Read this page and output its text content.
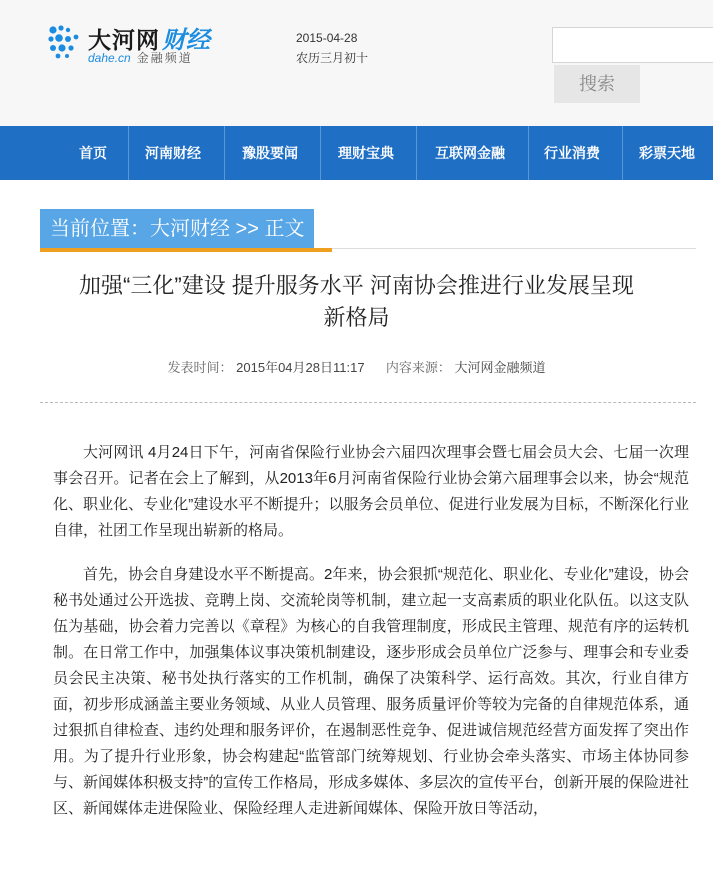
大河网财经
dahe.cn 金融频道
2015-04-28
农历三月初十
搜索
首页	河南财经	豫股要闻	理财宝典	互联网金融	行业消费	彩票天地
当前位置：大河财经 >> 正文
加强“三化”建设 提升服务水平 河南协会推进行业发展呈现
新格局
发表时间： 2015年04月28日11:17 内容来源： 大河网金融频道

大河网讯 4月24日下午，河南省保险行业协会六届四次理事会暨七届会员大会、七届一次理事会召开。记者在会上了解到，从2013年6月河南省保险行业协会第六届理事会以来，协会“规范化、职业化、专业化”建设水平不断提升；以服务会员单位、促进行业发展为目标，不断深化行业自律，社团工作呈现出崭新的格局。

首先，协会自身建设水平不断提高。2年来，协会狠抓“规范化、职业化、专业化”建设，协会秘书处通过公开选拔、竞聘上岗、交流轮岗等机制，建立起一支高素质的职业化队伍。以这支队伍为基础，协会着力完善以《章程》为核心的自我管理制度，形成民主管理、规范有序的运转机制。在日常工作中，加强集体议事决策机制建设，逐步形成会员单位广泛参与、理事会和专业委员会民主决策、秘书处执行落实的工作机制，确保了决策科学、运行高效。其次，行业自律方面，初步形成涵盖主要业务领域、从业人员管理、服务质量评价等较为完备的自律规范体系，通过狠抓自律检查、违约处理和服务评价，在遏制恶性竞争、促进诚信规范经营方面发挥了突出作用。为了提升行业形象，协会构建起“监管部门统筹规划、行业协会牵头落实、市场主体协同参与、新闻媒体积极支持”的宣传工作格局，形成多媒体、多层次的宣传平台，创新开展的保险进社区、新闻媒体走进保险业、保险经理人走进新闻媒体、保险开放日等活动，
